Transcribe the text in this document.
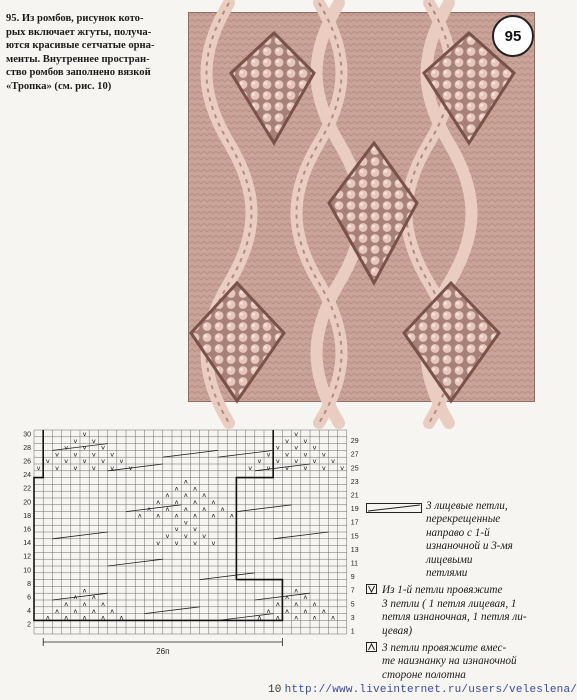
95. Из ромбов, рисунок кото-
рых включает жгуты, получа-
ются красивые сетчатые орна-
менты. Внутреннее простран-
ство ромбов заполнено вязкой
«Тропка» (см. рис. 10)

95
v
v v
v v v
v v v v
v v v v v
v v v v v v
v
v v
v v v
v v v v
v v v v v
v v v v v v
ʌ
ʌ ʌ
ʌ ʌ ʌ
ʌ ʌ ʌ ʌ
ʌ ʌ ʌ ʌ ʌ
ʌ ʌ ʌ ʌ ʌ ʌ
v
v v
v v v
v v v v
ʌ
ʌ ʌ
ʌ ʌ ʌ
ʌ ʌ ʌ ʌ
ʌ ʌ ʌ ʌ ʌ
ʌ
ʌ ʌ
ʌ ʌ ʌ
ʌ ʌ ʌ ʌ
ʌ ʌ ʌ ʌ ʌ
30
28
26
24
22
20
18
16
14
12
10
8
6
4
2
29
27
25
23
21
19
17
15
13
11
9
7
5
3
1
26п
3 лицевые петли,
перекрещенные направо с 1-й
изнаночной и 3-мя лицевыми
петлями
Из 1-й петли провяжите
3 петли ( 1 петля лицевая, 1
петля изнаночная, 1 петля ли-
цевая)
3 петли провяжите вмес-
те наизнанку на изнаночной
стороне полотна
10 http://www.liveinternet.ru/users/veleslena/
